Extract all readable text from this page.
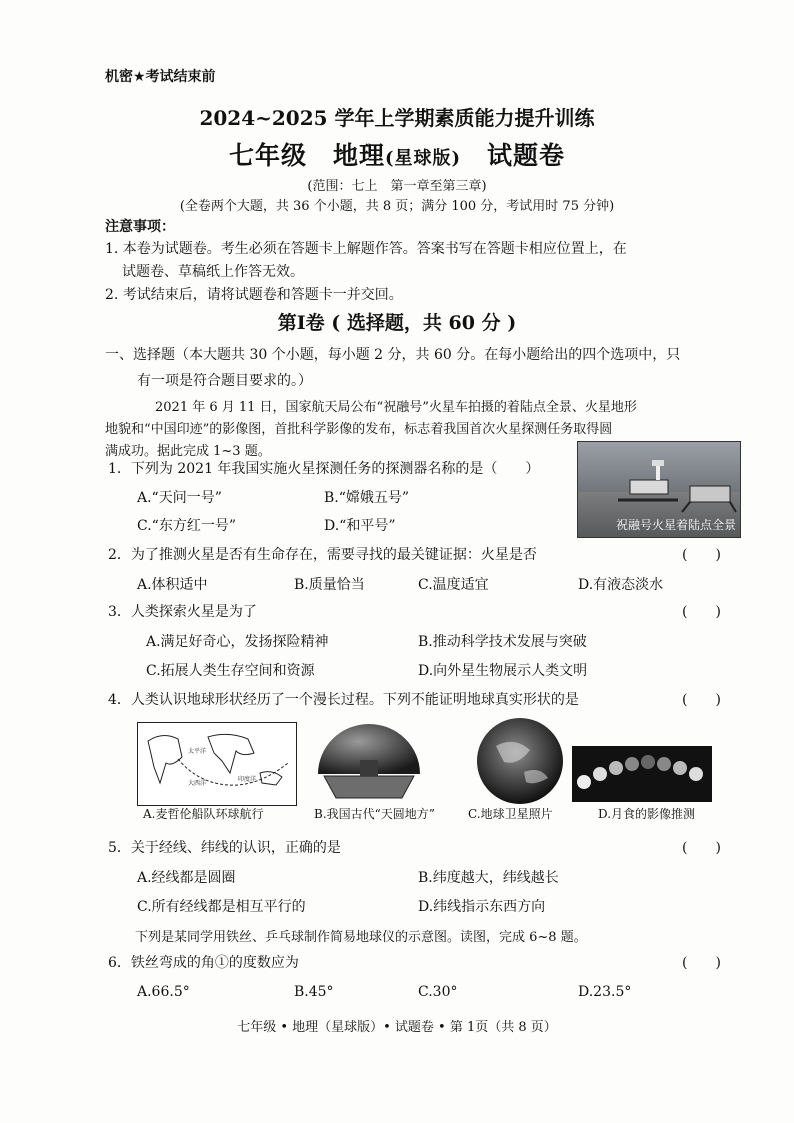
机密★考试结束前
2024~2025 学年上学期素质能力提升训练
七年级　地理(星球版)　试题卷
(范围：七上　第一章至第三章)
(全卷两个大题，共 36 个小题，共 8 页；满分 100 分，考试用时 75 分钟)
注意事项：
1. 本卷为试题卷。考生必须在答题卡上解题作答。答案书写在答题卡相应位置上，在
试题卷、草稿纸上作答无效。
2. 考试结束后，请将试题卷和答题卡一并交回。
第Ⅰ卷 ( 选择题，共 60 分 )
一、选择题（本大题共 30 个小题，每小题 2 分，共 60 分。在每小题给出的四个选项中，只
有一项是符合题目要求的。）
2021 年 6 月 11 日，国家航天局公布“祝融号”火星车拍摄的着陆点全景、火星地形
地貌和“中国印迹”的影像图，首批科学影像的发布，标志着我国首次火星探测任务取得圆
满成功。据此完成 1~3 题。
1．下列为 2021 年我国实施火星探测任务的探测器名称的是（　　）
A.“天问一号”	B.“嫦娥五号”
C.“东方红一号”	D.“和平号”	祝融号火星着陆点全景
2．为了推测火星是否有生命存在，需要寻找的最关键证据：火星是否	(　　)
A.体积适中	B.质量恰当	C.温度适宜	D.有液态淡水
3．人类探索火星是为了	(　　)
A.满足好奇心，发扬探险精神	B.推动科学技术发展与突破
C.拓展人类生存空间和资源	D.向外星生物展示人类文明
4．人类认识地球形状经历了一个漫长过程。下列不能证明地球真实形状的是	(　　)
太平洋
大西洋
印度洋
A.麦哲伦船队环球航行	B.我国古代“天圆地方”	C.地球卫星照片	D.月食的影像推测
5．关于经线、纬线的认识，正确的是	(　　)
A.经线都是圆圈	B.纬度越大，纬线越长
C.所有经线都是相互平行的	D.纬线指示东西方向
下列是某同学用铁丝、乒乓球制作简易地球仪的示意图。读图，完成 6~8 题。
6．铁丝弯成的角①的度数应为	(　　)
A.66.5°	B.45°	C.30°	D.23.5°
七年级 • 地理（星球版）• 试题卷 • 第 1页（共 8 页）
